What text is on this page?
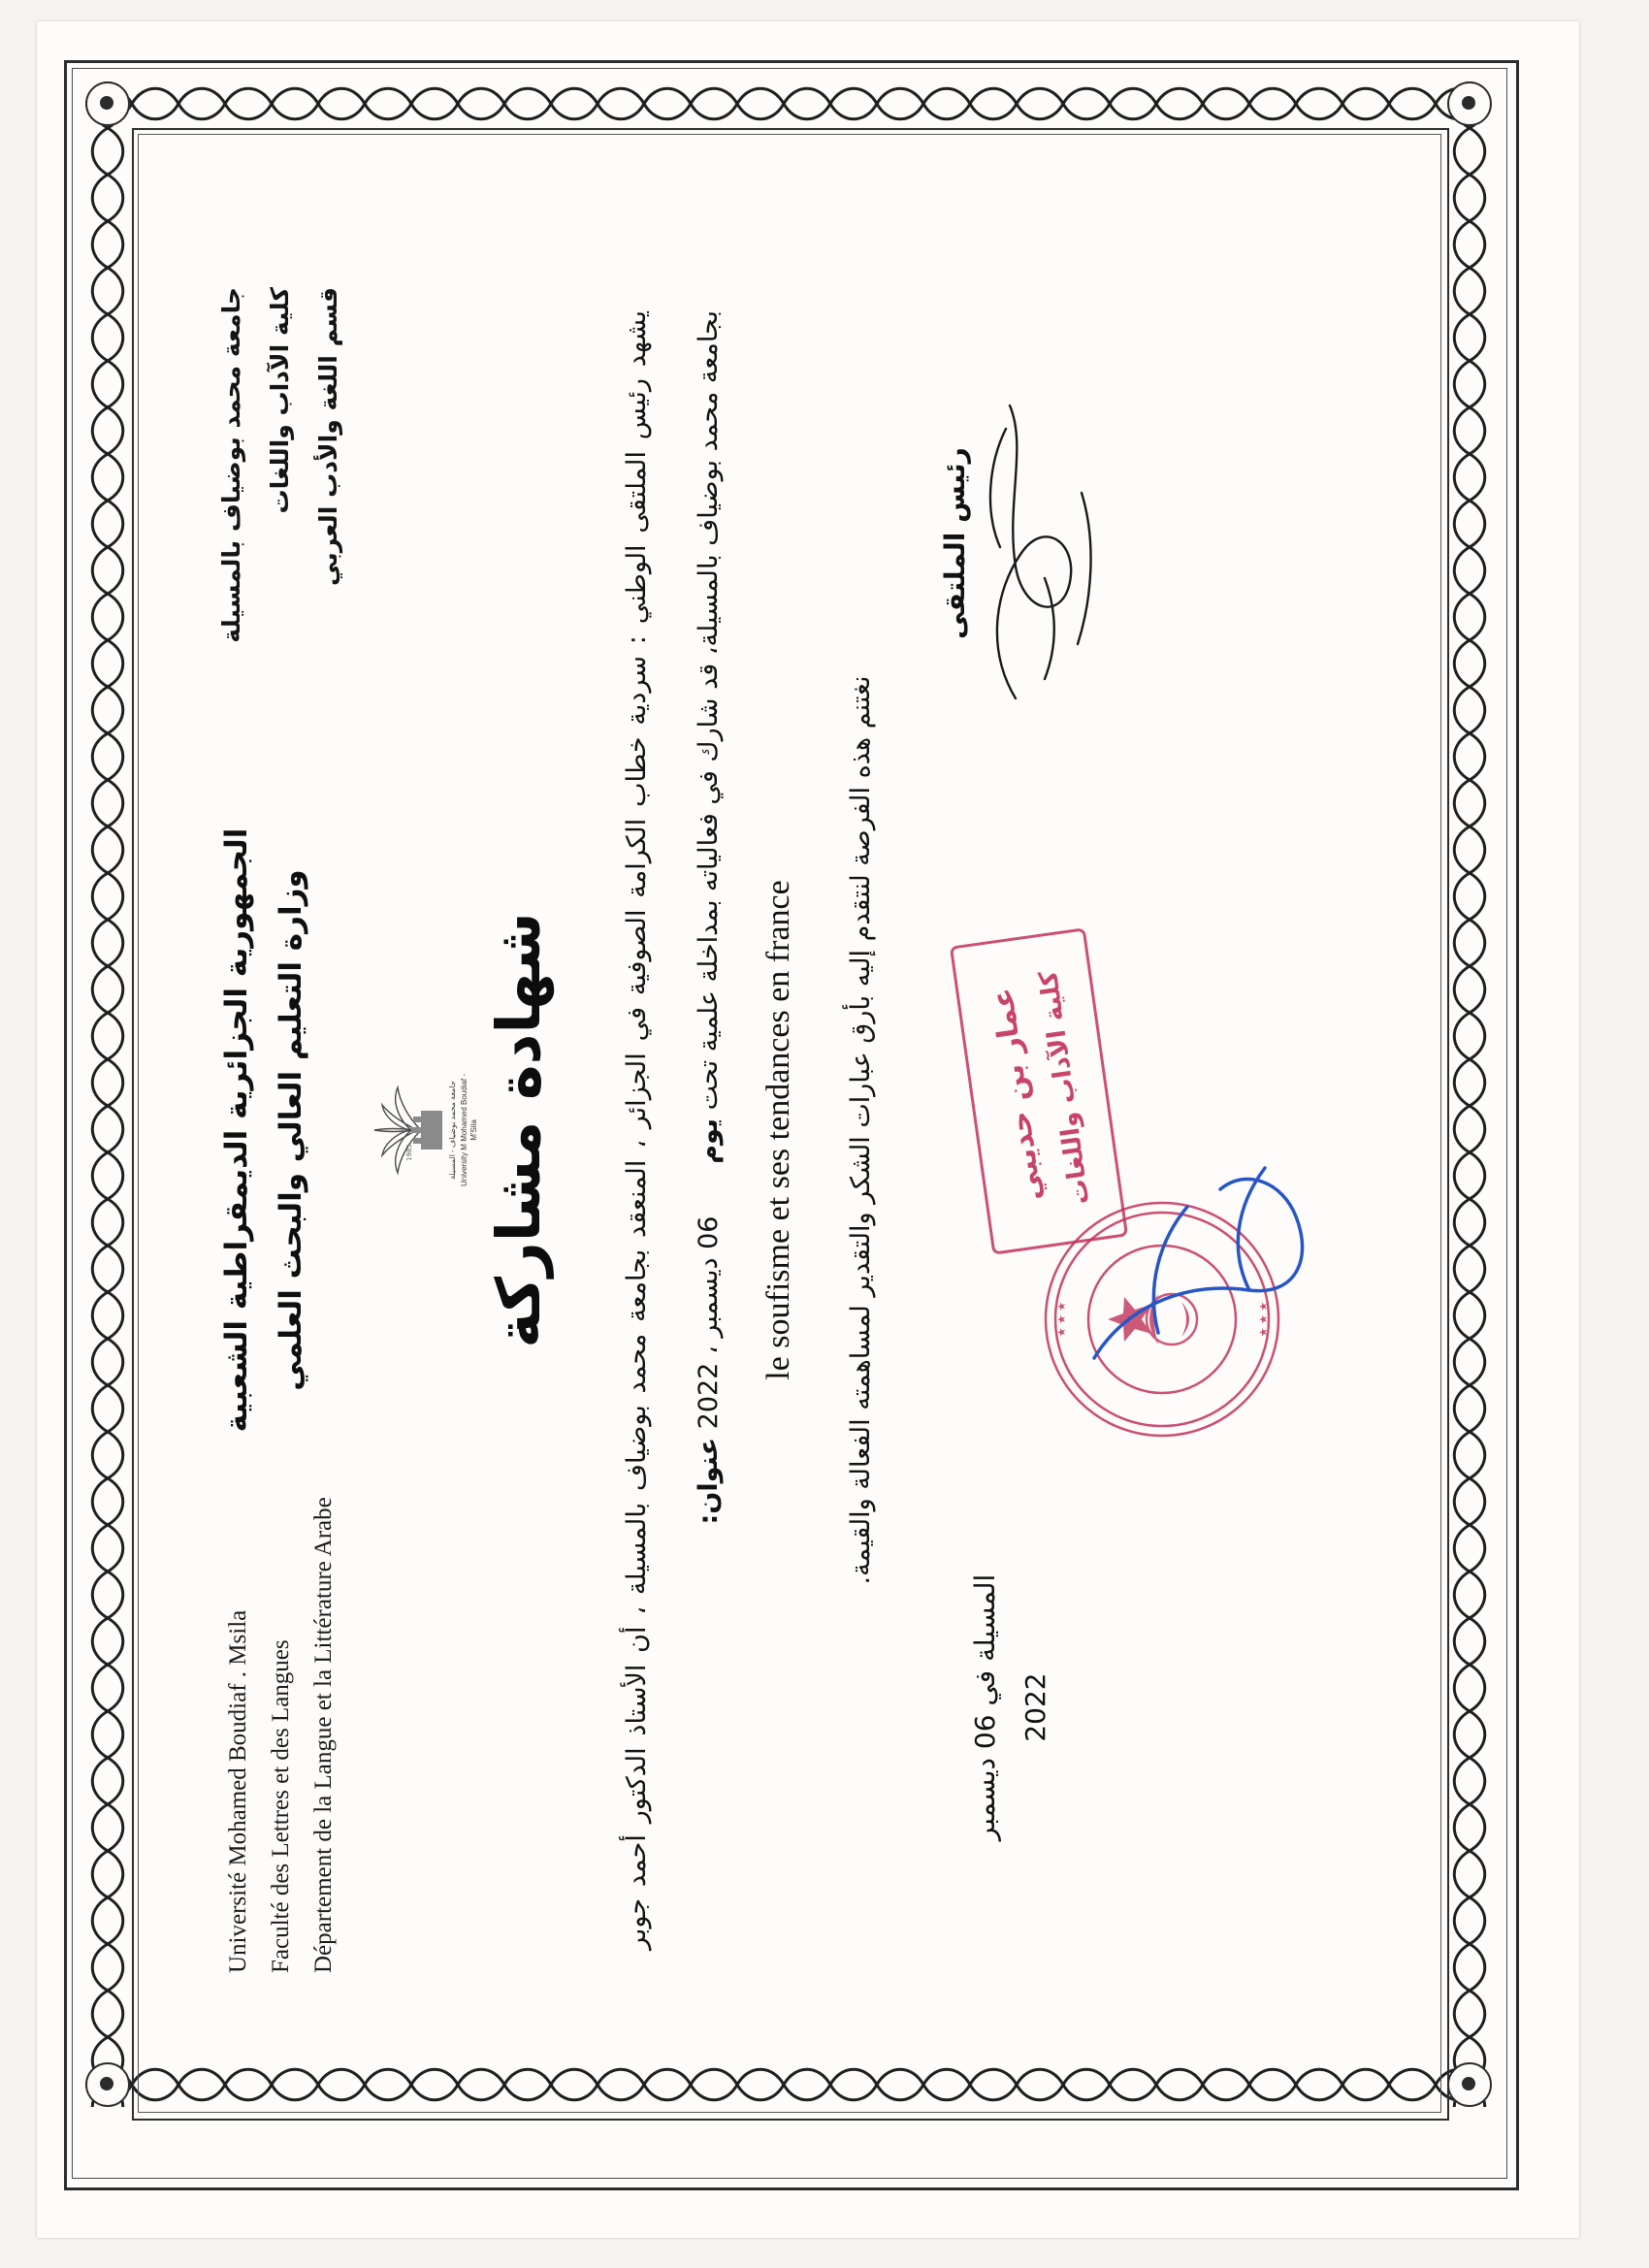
Université Mohamed Boudiaf . Msila Faculté des Lettres et des Langues Département de la Langue et la Littérature Arabe
جامعة محمد بوضياف بالمسيلة كلية الآداب واللغات قسم اللغة والأدب العربي
الجمهورية الجزائرية الديمقراطية الشعبية وزارة التعليم العالي والبحث العلمي	1985	جامعة محمد بوضياف - المسيلة University M Mohamed Boudiaf - M'Sila شهادة مشاركة	يشهد رئيس الملتقى الوطني : سردية خطاب الكرامة الصوفية في الجزائر ، المنعقد بجامعة محمد بوضياف بالمسيلة ، أن الأستاذ الدكتور أحمد جوبر بجامعة محمد بوضياف بالمسيلة، قد شارك في فعالياته بمداخلة علمية تحت يوم 06 ديسمبر ، 2022 عنوان:
le soufisme et ses tendances en france	نغتنم هذه الفرصة لنتقدم إليه بأرق عبارات الشكر والتقدير لمساهمته الفعالة والقيمة.
رئيس الملتقى
المسيلة في 06 ديسمبر 2022
★ ★ ★	★ ★ ★
عمار بن حديبي
كلية الآداب واللغات
